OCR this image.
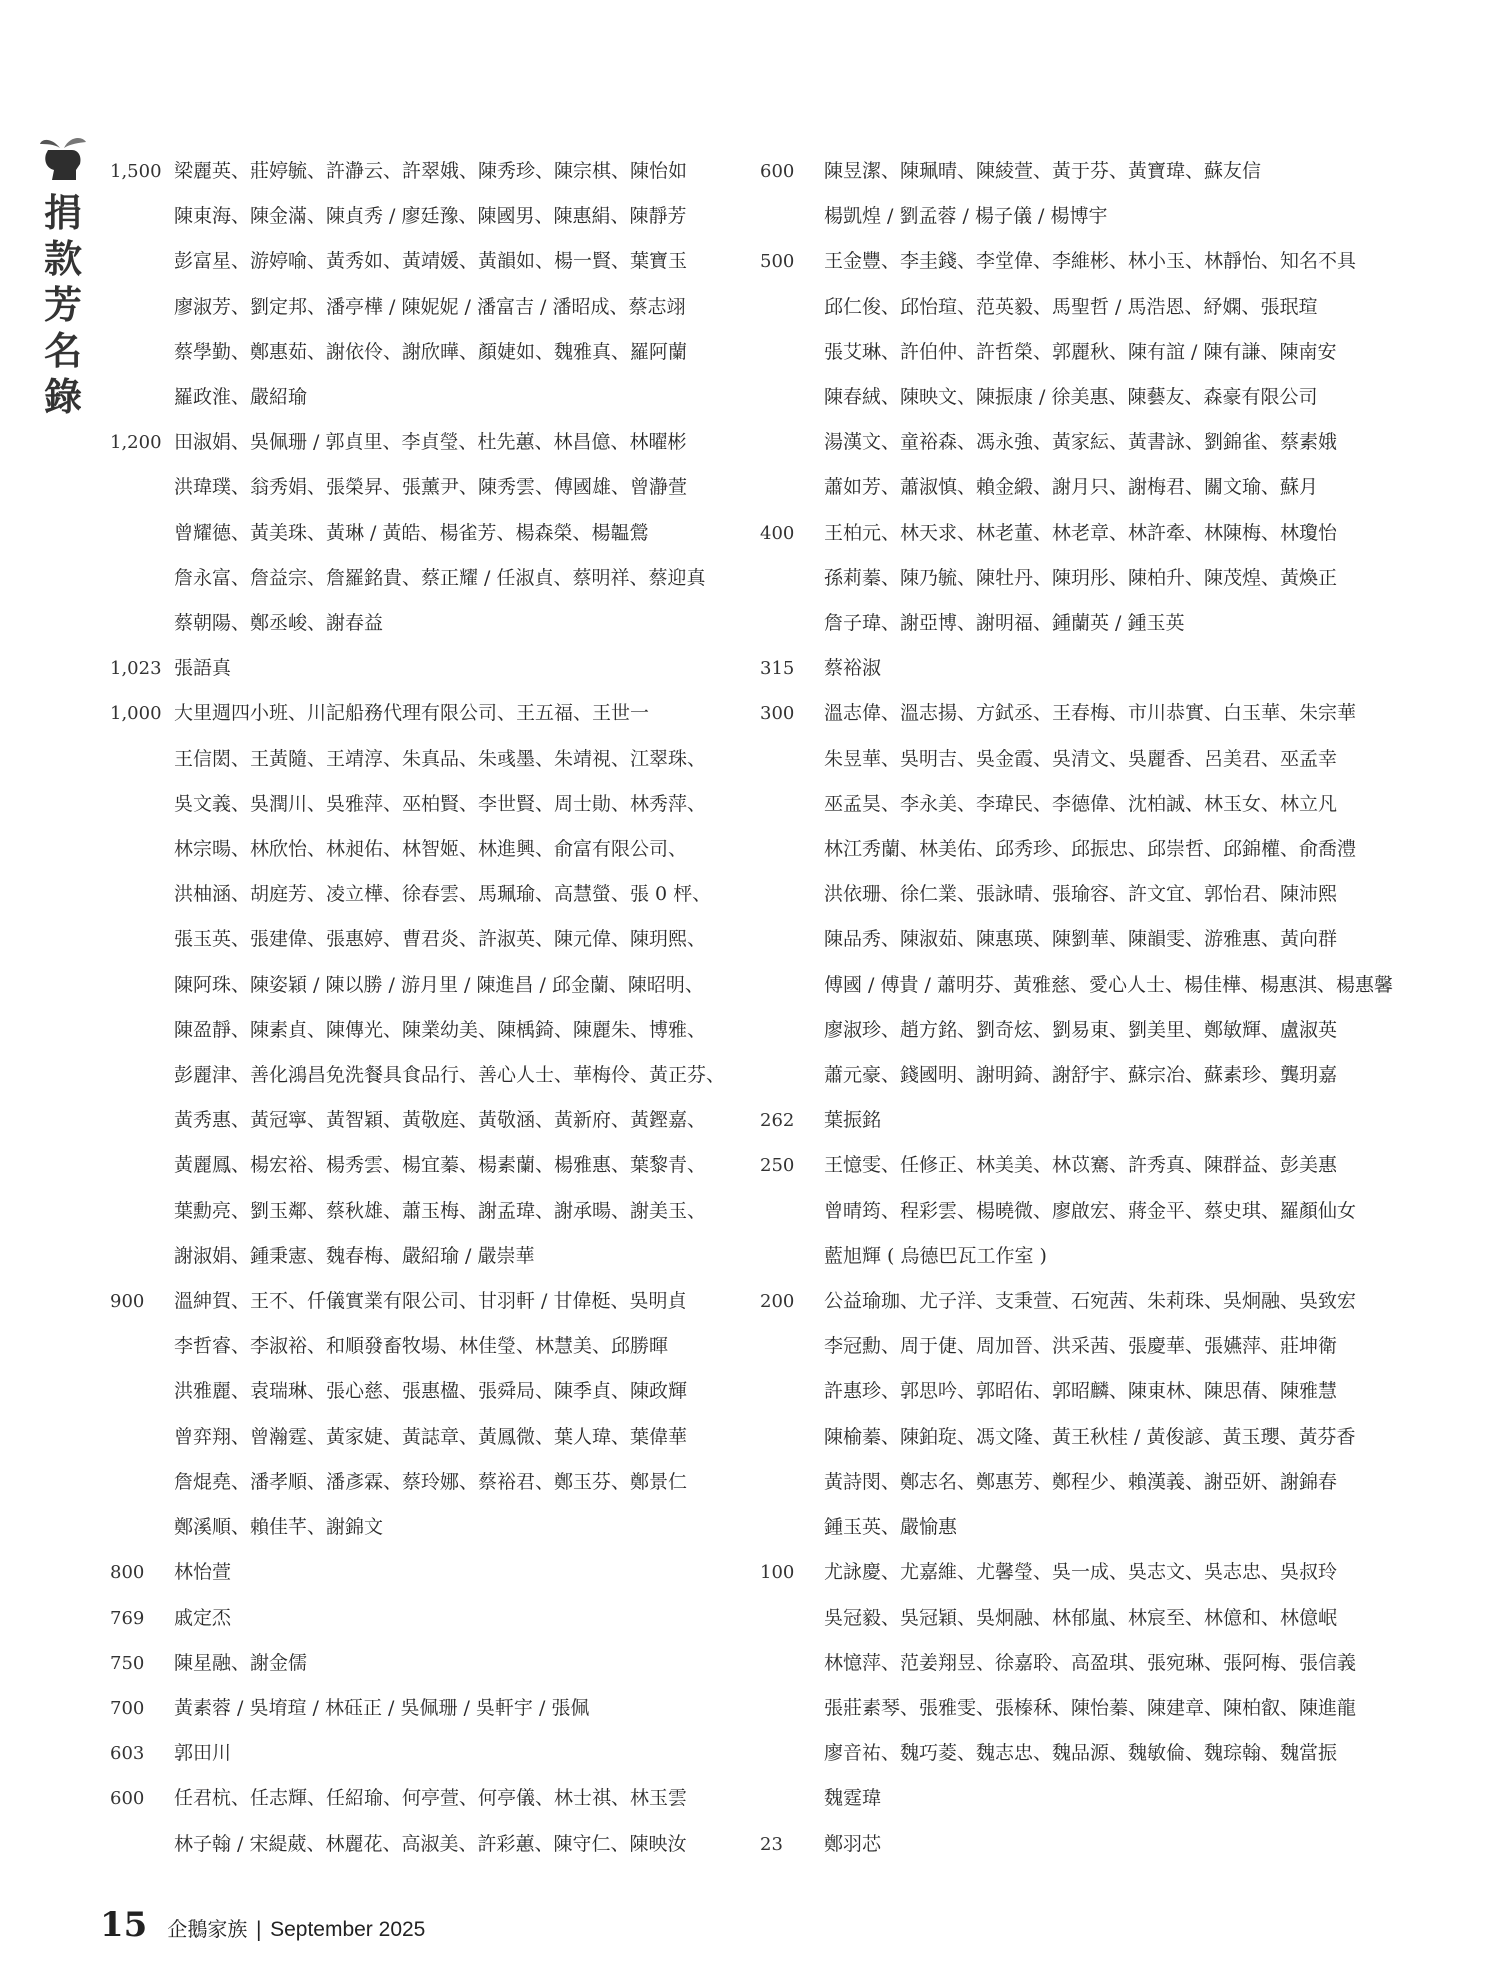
捐
款
芳
名
錄
1,500 梁麗英、莊婷毓、許瀞云、許翠娥、陳秀珍、陳宗棋、陳怡如
陳東海、陳金滿、陳貞秀 / 廖廷豫、陳國男、陳惠絹、陳靜芳
彭富星、游婷喻、黃秀如、黃靖媛、黃韻如、楊一賢、葉寶玉
廖淑芳、劉定邦、潘亭樺 / 陳妮妮 / 潘富吉 / 潘昭成、蔡志翊
蔡學勤、鄭惠茹、謝依伶、謝欣曄、顏婕如、魏雅真、羅阿蘭
羅政淮、嚴紹瑜
1,200 田淑娟、吳佩珊 / 郭貞里、李貞瑩、杜先蕙、林昌億、林曜彬
洪瑋璞、翁秀娟、張榮昇、張薰尹、陳秀雲、傅國雄、曾瀞萱
曾耀德、黃美珠、黃琳 / 黃皓、楊雀芳、楊森榮、楊韞鶯
詹永富、詹益宗、詹羅銘貴、蔡正耀 / 任淑貞、蔡明祥、蔡迎真
蔡朝陽、鄭丞峻、謝春益
1,023 張語真
1,000 大里週四小班、川記船務代理有限公司、王五福、王世一
王信閎、王黃隨、王靖淳、朱真品、朱彧墨、朱靖視、江翠珠、
吳文義、吳潤川、吳雅萍、巫柏賢、李世賢、周士勛、林秀萍、
林宗暘、林欣怡、林昶佑、林智姬、林進興、俞富有限公司、
洪柚涵、胡庭芳、凌立樺、徐春雲、馬珮瑜、高慧螢、張 0 枰、
張玉英、張建偉、張惠婷、曹君炎、許淑英、陳元偉、陳玥熙、
陳阿珠、陳姿穎 / 陳以勝 / 游月里 / 陳進昌 / 邱金蘭、陳昭明、
陳盈靜、陳素貞、陳傳光、陳業幼美、陳楀錡、陳麗朱、博雅、
彭麗津、善化鴻昌免洗餐具食品行、善心人士、華梅伶、黃正芬、
黃秀惠、黃冠寧、黃智穎、黃敬庭、黃敬涵、黃新府、黃鏗嘉、
黃麗鳳、楊宏裕、楊秀雲、楊宜蓁、楊素蘭、楊雅惠、葉黎青、
葉勳亮、劉玉鄰、蔡秋雄、蕭玉梅、謝孟瑋、謝承暘、謝美玉、
謝淑娟、鍾秉憲、魏春梅、嚴紹瑜 / 嚴崇華
900 溫紳賀、王不、仟儀實業有限公司、甘羽軒 / 甘偉梃、吳明貞
李哲睿、李淑裕、和順發畜牧場、林佳瑩、林慧美、邱勝暉
洪雅麗、袁瑞琳、張心慈、張惠楹、張舜局、陳季貞、陳政輝
曾弈翔、曾瀚霆、黃家婕、黃誌章、黃鳳微、葉人瑋、葉偉華
詹焜堯、潘孝順、潘彥霖、蔡玲娜、蔡裕君、鄭玉芬、鄭景仁
鄭溪順、賴佳芊、謝錦文
800 林怡萱
769 戚定㶨
750 陳星融、謝金儒
700 黃素蓉 / 吳堉瑄 / 林砡正 / 吳佩珊 / 吳軒宇 / 張佩
603 郭田川
600 任君杭、任志輝、任紹瑜、何亭萱、何亭儀、林士祺、林玉雲
林子翰 / 宋緹葳、林麗花、高淑美、許彩蕙、陳守仁、陳映汝
600 陳昱潔、陳珮晴、陳綾萱、黃于芬、黃寶瑋、蘇友信
楊凱煌 / 劉孟蓉 / 楊子儀 / 楊博宇
500 王金豐、李圭錢、李堂偉、李維彬、林小玉、林靜怡、知名不具
邱仁俊、邱怡瑄、范英毅、馬聖哲 / 馬浩恩、紓嫻、張珉瑄
張艾琳、許伯仲、許哲榮、郭麗秋、陳有誼 / 陳有謙、陳南安
陳春絨、陳映文、陳振康 / 徐美惠、陳藝友、森豪有限公司
湯漢文、童裕森、馮永強、黃家紜、黃書詠、劉錦雀、蔡素娥
蕭如芳、蕭淑慎、賴金緞、謝月只、謝梅君、關文瑜、蘇月
400 王柏元、林天求、林老董、林老章、林許牽、林陳梅、林瓊怡
孫莉蓁、陳乃毓、陳牡丹、陳玥彤、陳柏升、陳茂煌、黃煥正
詹子瑋、謝亞博、謝明福、鍾蘭英 / 鍾玉英
315 蔡裕淑
300 溫志偉、溫志揚、方鉽丞、王春梅、市川恭實、白玉華、朱宗華
朱昱華、吳明吉、吳金霞、吳清文、吳麗香、呂美君、巫孟幸
巫孟昊、李永美、李瑋民、李德偉、沈柏誠、林玉女、林立凡
林江秀蘭、林美佑、邱秀珍、邱振忠、邱崇哲、邱錦權、俞喬澧
洪依珊、徐仁業、張詠晴、張瑜容、許文宜、郭怡君、陳沛熙
陳品秀、陳淑茹、陳惠瑛、陳劉華、陳韻雯、游雅惠、黃向群
傅國 / 傅貴 / 蕭明芬、黃雅慈、愛心人士、楊佳樺、楊惠淇、楊惠馨
廖淑珍、趙方銘、劉奇炫、劉易東、劉美里、鄭敏輝、盧淑英
蕭元豪、錢國明、謝明錡、謝舒宇、蘇宗冶、蘇素珍、龔玥嘉
262 葉振銘
250 王憶雯、任修正、林美美、林苡騫、許秀真、陳群益、彭美惠
曾晴筠、程彩雲、楊曉微、廖啟宏、蔣金平、蔡史琪、羅顏仙女
藍旭輝 ( 烏德巴瓦工作室 )
200 公益瑜珈、尤子洋、支秉萱、石宛茜、朱莉珠、吳炯融、吳致宏
李冠勳、周于倢、周加晉、洪采茜、張慶華、張嬿萍、莊坤衛
許惠珍、郭思吟、郭昭佑、郭昭麟、陳東林、陳思蒨、陳雅慧
陳榆蓁、陳鉑琁、馮文隆、黃王秋桂 / 黃俊諺、黃玉瓔、黃芬香
黃詩閔、鄭志名、鄭惠芳、鄭程少、賴漢義、謝亞妍、謝錦春
鍾玉英、嚴愉惠
100 尤詠慶、尤嘉維、尤馨瑩、吳一成、吳志文、吳志忠、吳叔玲
吳冠毅、吳冠穎、吳炯融、林郁嵐、林宸至、林億和、林億岷
林憶萍、范姜翔昱、徐嘉聆、高盈琪、張宛琳、張阿梅、張信義
張莊素琴、張雅雯、張榛秝、陳怡蓁、陳建章、陳柏叡、陳進龍
廖音祐、魏巧菱、魏志忠、魏品源、魏敏倫、魏琮翰、魏當振
魏霆瑋
23 鄭羽芯
15 企鵝家族 | September 2025
